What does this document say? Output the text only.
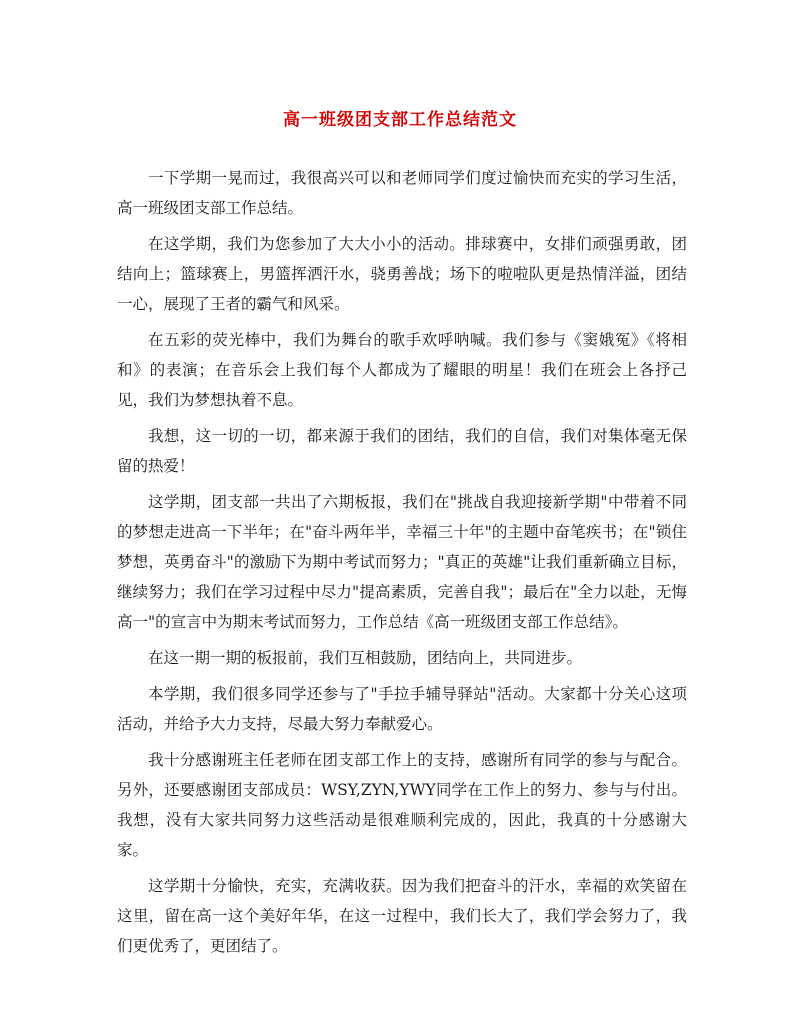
高一班级团支部工作总结范文

一下学期一晃而过，我很高兴可以和老师同学们度过愉快而充实的学习生活，高一班级团支部工作总结。

在这学期，我们为您参加了大大小小的活动。排球赛中，女排们顽强勇敢，团结向上；篮球赛上，男篮挥洒汗水，骁勇善战；场下的啦啦队更是热情洋溢，团结一心，展现了王者的霸气和风采。

在五彩的荧光棒中，我们为舞台的歌手欢呼呐喊。我们参与《窦娥冤》《将相和》的表演；在音乐会上我们每个人都成为了耀眼的明星！我们在班会上各抒己见，我们为梦想执着不息。

我想，这一切的一切，都来源于我们的团结，我们的自信，我们对集体毫无保留的热爱！

这学期，团支部一共出了六期板报，我们在"挑战自我迎接新学期"中带着不同的梦想走进高一下半年；在"奋斗两年半，幸福三十年"的主题中奋笔疾书；在"锁住梦想，英勇奋斗"的激励下为期中考试而努力；"真正的英雄"让我们重新确立目标，继续努力；我们在学习过程中尽力"提高素质，完善自我"；最后在"全力以赴，无悔高一"的宣言中为期末考试而努力，工作总结《高一班级团支部工作总结》。

在这一期一期的板报前，我们互相鼓励，团结向上，共同进步。

本学期，我们很多同学还参与了"手拉手辅导驿站"活动。大家都十分关心这项活动，并给予大力支持，尽最大努力奉献爱心。

我十分感谢班主任老师在团支部工作上的支持，感谢所有同学的参与与配合。另外，还要感谢团支部成员：WSY,ZYN,YWY同学在工作上的努力、参与与付出。我想，没有大家共同努力这些活动是很难顺利完成的，因此，我真的十分感谢大家。

这学期十分愉快，充实，充满收获。因为我们把奋斗的汗水，幸福的欢笑留在这里，留在高一这个美好年华，在这一过程中，我们长大了，我们学会努力了，我们更优秀了，更团结了。
